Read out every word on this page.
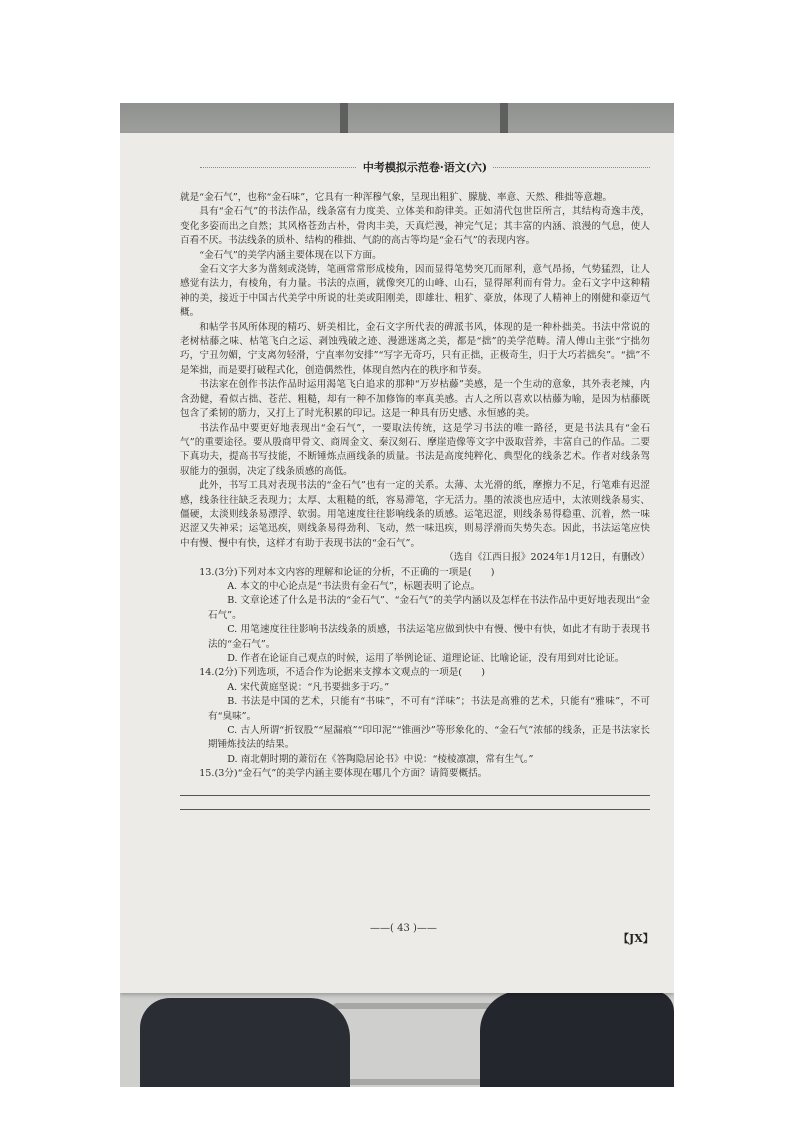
中考模拟示范卷·语文(六)

就是“金石气”，也称“金石味”，它具有一种浑穆气象，呈现出粗犷、朦胧、率意、天然、稚拙等意趣。

具有“金石气”的书法作品，线条富有力度美、立体美和韵律美。正如清代包世臣所言，其结构奇逸丰茂，变化多姿而出之自然；其风格苍劲古朴，骨肉丰美，天真烂漫，神完气足；其丰富的内涵、浪漫的气息，使人百看不厌。书法线条的质朴、结构的稚拙、气韵的高古等均是“金石气”的表现内容。

“金石气”的美学内涵主要体现在以下方面。

金石文字大多为凿刻或浇铸，笔画常常形成棱角，因而显得笔势突兀而犀利，意气昂扬，气势猛烈，让人感觉有法力，有棱角，有力量。书法的点画，就像突兀的山峰、山石，显得犀利而有骨力。金石文字中这种精神的美，接近于中国古代美学中所说的壮美或阳刚美，即雄壮、粗犷、豪放，体现了人精神上的刚健和豪迈气概。

和帖学书风所体现的精巧、妍美相比，金石文字所代表的碑派书风，体现的是一种朴拙美。书法中常说的老树枯藤之味、枯笔飞白之运、剥蚀残破之迹、漫漶迷离之美，都是“拙”的美学范畴。清人傅山主张“宁拙勿巧，宁丑勿媚，宁支离勿轻滑，宁直率勿安排”“写字无奇巧，只有正拙，正极奇生，归于大巧若拙矣”。“拙”不是笨拙，而是要打破程式化，创造偶然性，体现自然内在的秩序和节奏。

书法家在创作书法作品时运用渴笔飞白追求的那种“万岁枯藤”美感，是一个生动的意象，其外表老辣，内含劲健，看似古拙、苍茫、粗糙，却有一种不加修饰的率真美感。古人之所以喜欢以枯藤为喻，是因为枯藤既包含了柔韧的筋力，又打上了时光积累的印记。这是一种具有历史感、永恒感的美。

书法作品中要更好地表现出“金石气”，一要取法传统，这是学习书法的唯一路径，更是书法具有“金石气”的重要途径。要从殷商甲骨文、商周金文、秦汉刻石、摩崖造像等文字中汲取营养，丰富自己的作品。二要下真功夫，提高书写技能，不断锤炼点画线条的质量。书法是高度纯粹化、典型化的线条艺术。作者对线条驾驭能力的强弱，决定了线条质感的高低。

此外，书写工具对表现书法的“金石气”也有一定的关系。太薄、太光滑的纸，摩擦力不足，行笔难有迟涩感，线条往往缺乏表现力；太厚、太粗糙的纸，容易滞笔，字无活力。墨的浓淡也应适中，太浓则线条易实、僵硬，太淡则线条易漂浮、软弱。用笔速度往往影响线条的质感。运笔迟涩，则线条易得稳重、沉着，然一味迟涩又失神采；运笔迅疾，则线条易得劲利、飞动，然一味迅疾，则易浮滑而失势失态。因此，书法运笔应快中有慢、慢中有快，这样才有助于表现书法的“金石气”。

（选自《江西日报》2024年1月12日，有删改）

13.(3分)下列对本文内容的理解和论证的分析，不正确的一项是(　　)

A. 本文的中心论点是“书法贵有金石气”，标题表明了论点。

B. 文章论述了什么是书法的“金石气”、“金石气”的美学内涵以及怎样在书法作品中更好地表现出“金石气”。

C. 用笔速度往往影响书法线条的质感，书法运笔应做到快中有慢、慢中有快，如此才有助于表现书法的“金石气”。

D. 作者在论证自己观点的时候，运用了举例论证、道理论证、比喻论证，没有用到对比论证。

14.(2分)下列选项，不适合作为论据来支撑本文观点的一项是(　　)

A. 宋代黄庭坚说：“凡书要拙多于巧。”

B. 书法是中国的艺术，只能有“书味”，不可有“洋味”；书法是高雅的艺术，只能有“雅味”，不可有“臭味”。

C. 古人所谓“折钗股”“屋漏痕”“印印泥”“锥画沙”等形象化的、“金石气”浓郁的线条，正是书法家长期锤炼技法的结果。

D. 南北朝时期的萧衍在《答陶隐居论书》中说：“棱棱凛凛，常有生气。”

15.(3分)“金石气”的美学内涵主要体现在哪几个方面？请简要概括。

——( 43 )——
【JX】
